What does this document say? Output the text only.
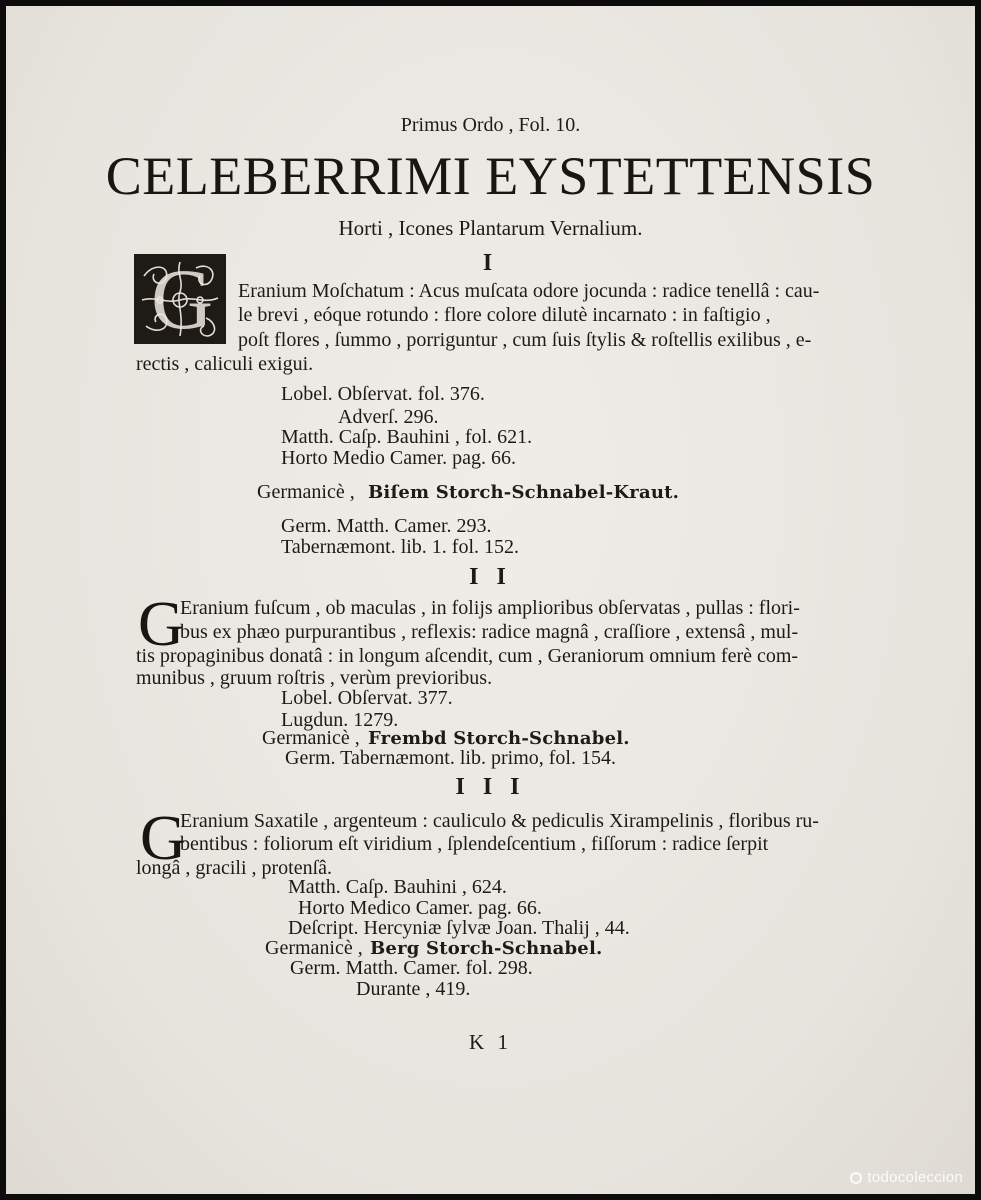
Primus Ordo , Fol. 10.
CELEBERRIMI EYSTETTENSIS
Horti , Icones Plantarum Vernalium.
I
G	Eranium Moſchatum : Acus muſcata odore jocunda : radice tenellâ : cau-
le brevi , eóque rotundo : flore colore dilutè incarnato : in faſtigio ,
poſt flores , ſummo , porriguntur , cum ſuis ſtylis & roſtellis exilibus , e-
rectis , caliculi exigui.
Lobel. Obſervat. fol. 376.
Adverſ. 296.
Matth. Caſp. Bauhini , fol. 621.
Horto Medio Camer. pag. 66.
Germanicè , Biſem Storch-Schnabel-Kraut.
Germ. Matth. Camer. 293.
Tabernæmont. lib. 1. fol. 152.
I I
G
Eranium fuſcum , ob maculas , in folijs amplioribus obſervatas , pullas : flori-
bus ex phæo purpurantibus , reflexis: radice magnâ , craſſiore , extensâ , mul-
tis propaginibus donatâ : in longum aſcendit, cum , Geraniorum omnium ferè com-
munibus , gruum roſtris , verùm previoribus.
Lobel. Obſervat. 377.
Lugdun. 1279.
Germanicè , Frembd Storch-Schnabel.
Germ. Tabernæmont. lib. primo, fol. 154.
I I I
G
Eranium Saxatile , argenteum : cauliculo & pediculis Xirampelinis , floribus ru-
bentibus : foliorum eſt viridium , ſplendeſcentium , fiſſorum : radice ſerpit
longâ , gracili , protenſâ.
Matth. Caſp. Bauhini , 624.
Horto Medico Camer. pag. 66.
Deſcript. Hercyniæ ſylvæ Joan. Thalij , 44.
Germanicè , Berg Storch-Schnabel.
Germ. Matth. Camer. fol. 298.
Durante , 419.
K 1
todocoleccion
